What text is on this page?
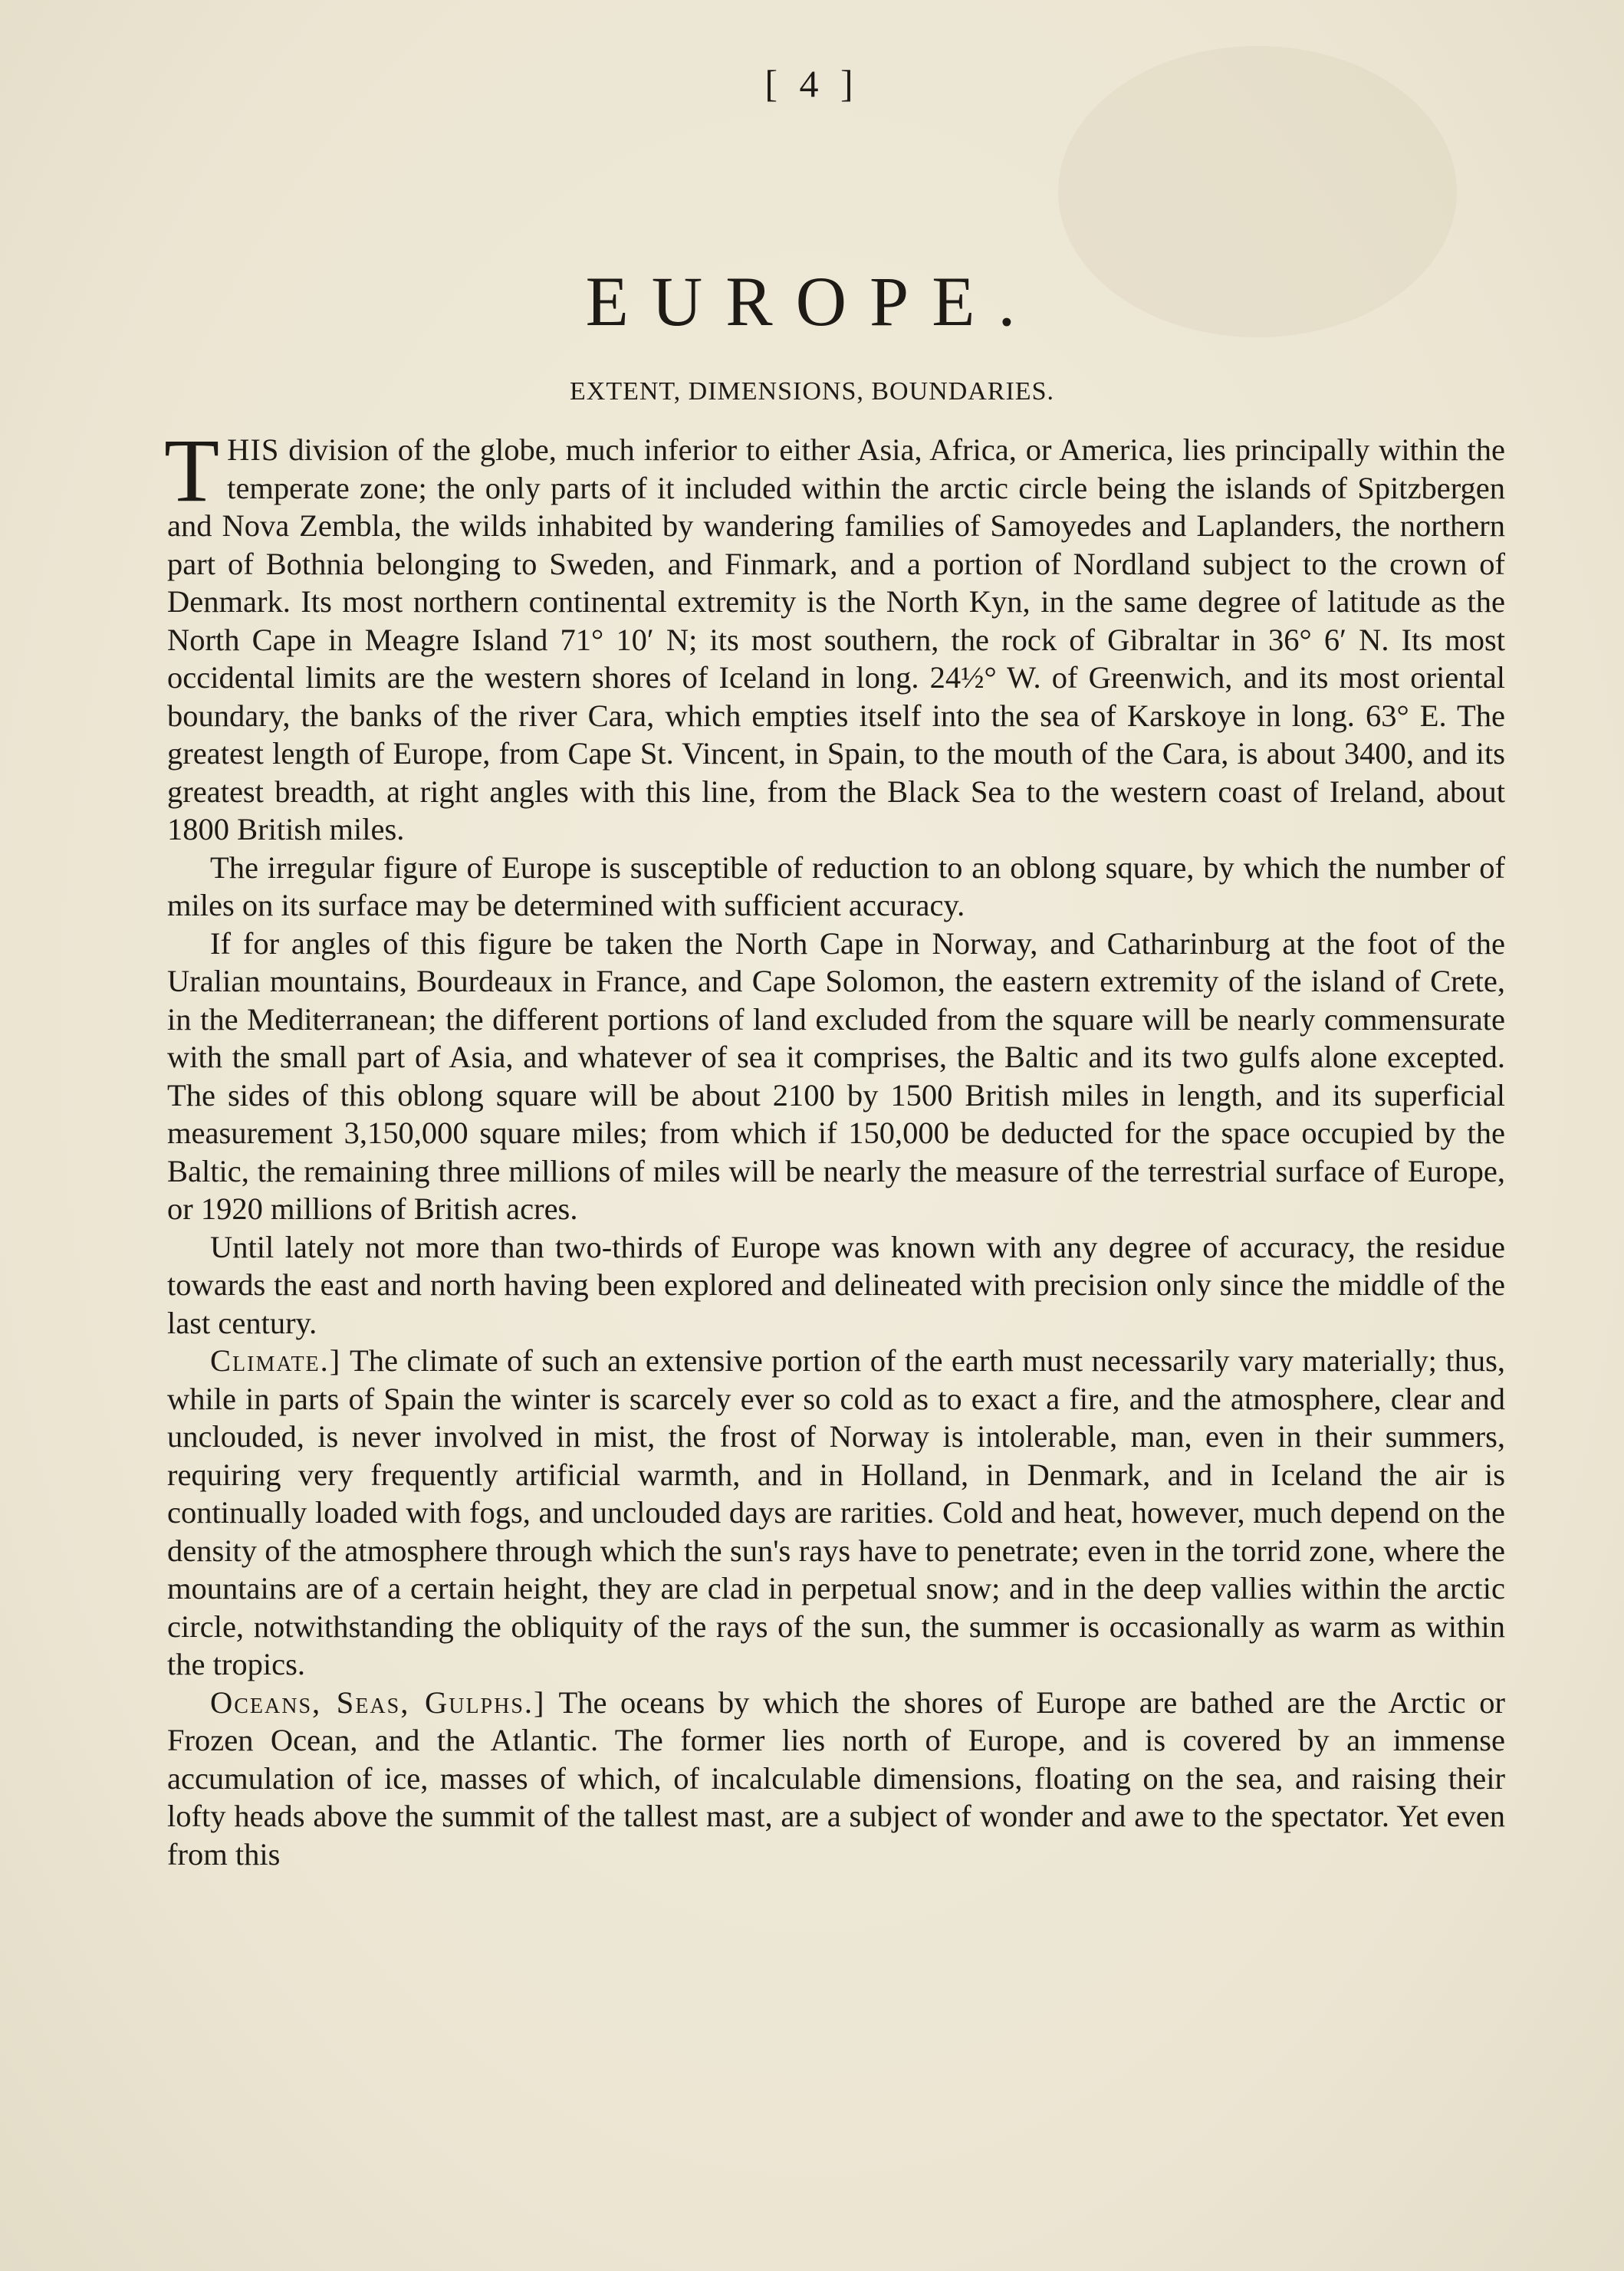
[ 4 ]
EUROPE.
EXTENT, DIMENSIONS, BOUNDARIES.

THIS division of the globe, much inferior to either Asia, Africa, or America, lies principally within the temperate zone; the only parts of it included within the arctic circle being the islands of Spitzbergen and Nova Zembla, the wilds inhabited by wandering families of Samoyedes and Laplanders, the northern part of Bothnia belonging to Sweden, and Finmark, and a portion of Nordland subject to the crown of Denmark. Its most northern continental extremity is the North Kyn, in the same degree of latitude as the North Cape in Meagre Island 71° 10′ N; its most southern, the rock of Gibraltar in 36° 6′ N. Its most occidental limits are the western shores of Iceland in long. 24½° W. of Greenwich, and its most oriental boundary, the banks of the river Cara, which empties itself into the sea of Karskoye in long. 63° E. The greatest length of Europe, from Cape St. Vincent, in Spain, to the mouth of the Cara, is about 3400, and its greatest breadth, at right angles with this line, from the Black Sea to the western coast of Ireland, about 1800 British miles.

The irregular figure of Europe is susceptible of reduction to an oblong square, by which the number of miles on its surface may be determined with sufficient accuracy.

If for angles of this figure be taken the North Cape in Norway, and Catharinburg at the foot of the Uralian mountains, Bourdeaux in France, and Cape Solomon, the eastern extremity of the island of Crete, in the Mediterranean; the different portions of land excluded from the square will be nearly commensurate with the small part of Asia, and whatever of sea it comprises, the Baltic and its two gulfs alone excepted. The sides of this oblong square will be about 2100 by 1500 British miles in length, and its superficial measurement 3,150,000 square miles; from which if 150,000 be deducted for the space occupied by the Baltic, the remaining three millions of miles will be nearly the measure of the terrestrial surface of Europe, or 1920 millions of British acres.

Until lately not more than two-thirds of Europe was known with any degree of accuracy, the residue towards the east and north having been explored and delineated with precision only since the middle of the last century.

Climate.] The climate of such an extensive portion of the earth must necessarily vary materially; thus, while in parts of Spain the winter is scarcely ever so cold as to exact a fire, and the atmosphere, clear and unclouded, is never involved in mist, the frost of Norway is intolerable, man, even in their summers, requiring very frequently artificial warmth, and in Holland, in Denmark, and in Iceland the air is continually loaded with fogs, and unclouded days are rarities. Cold and heat, however, much depend on the density of the atmosphere through which the sun's rays have to penetrate; even in the torrid zone, where the mountains are of a certain height, they are clad in perpetual snow; and in the deep vallies within the arctic circle, notwithstanding the obliquity of the rays of the sun, the summer is occasionally as warm as within the tropics.

Oceans, Seas, Gulphs.] The oceans by which the shores of Europe are bathed are the Arctic or Frozen Ocean, and the Atlantic. The former lies north of Europe, and is covered by an immense accumulation of ice, masses of which, of incalculable dimensions, floating on the sea, and raising their lofty heads above the summit of the tallest mast, are a subject of wonder and awe to the spectator. Yet even from this
